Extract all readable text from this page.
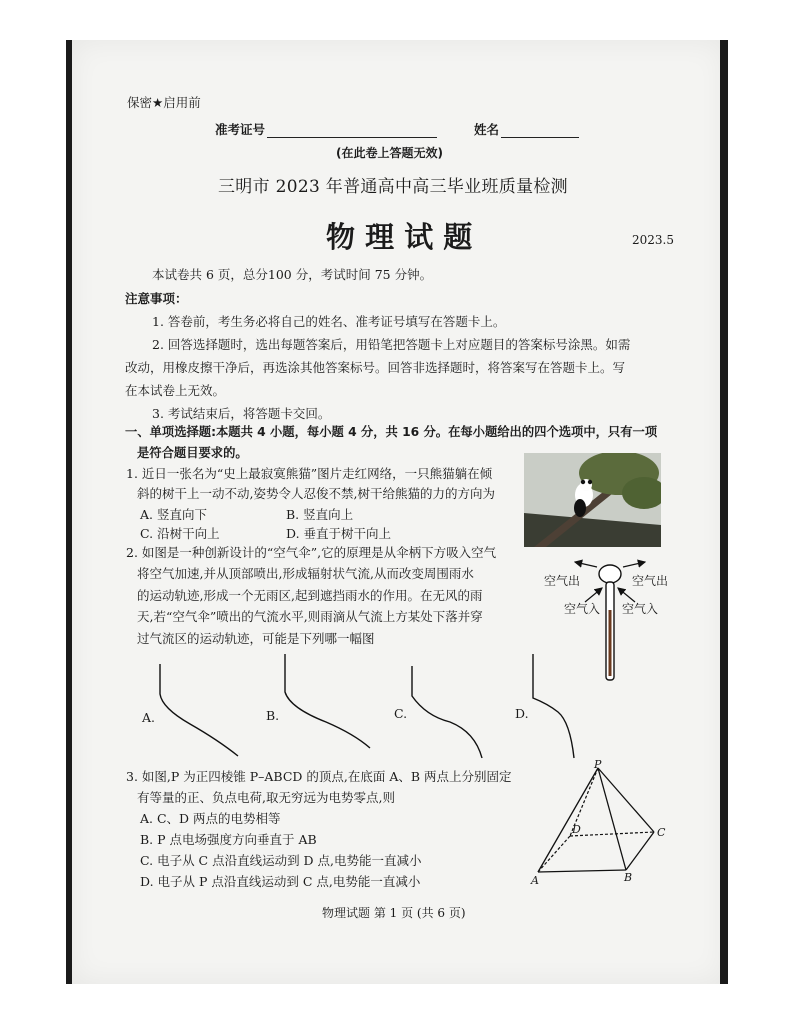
保密★启用前
准考证号	姓名
(在此卷上答题无效)
三明市 2023 年普通高中高三毕业班质量检测
物 理 试 题	2023.5
本试卷共 6 页，总分100 分，考试时间 75 分钟。
注意事项：
1. 答卷前，考生务必将自己的姓名、准考证号填写在答题卡上。
2. 回答选择题时，选出每题答案后，用铅笔把答题卡上对应题目的答案标号涂黑。如需
改动，用橡皮擦干净后，再选涂其他答案标号。回答非选择题时，将答案写在答题卡上。写
在本试卷上无效。
3. 考试结束后，将答题卡交回。
一、单项选择题:本题共 4 小题，每小题 4 分，共 16 分。在每小题给出的四个选项中，只有一项
是符合题目要求的。
1. 近日一张名为“史上最寂寞熊猫”图片走红网络，一只熊猫躺在倾
斜的树干上一动不动,姿势令人忍俊不禁,树干给熊猫的力的方向为
A. 竖直向下	B. 竖直向上
C. 沿树干向上	D. 垂直于树干向上
2. 如图是一种创新设计的“空气伞”,它的原理是从伞柄下方吸入空气
将空气加速,并从顶部喷出,形成辐射状气流,从而改变周围雨水
的运动轨迹,形成一个无雨区,起到遮挡雨水的作用。在无风的雨
天,若“空气伞”喷出的气流水平,则雨滴从气流上方某处下落并穿
过气流区的运动轨迹，可能是下列哪一幅图
空气出	空气出
空气入 空气入
A.	B.	C.	D.
3. 如图,P 为正四棱锥 P–ABCD 的顶点,在底面 A、B 两点上分别固定
有等量的正、负点电荷,取无穷远为电势零点,则
A. C、D 两点的电势相等
B. P 点电场强度方向垂直于 AB
C. 电子从 C 点沿直线运动到 D 点,电势能一直减小
D. 电子从 P 点沿直线运动到 C 点,电势能一直减小
P
A	B
C
D
物理试题 第 1 页 (共 6 页)
